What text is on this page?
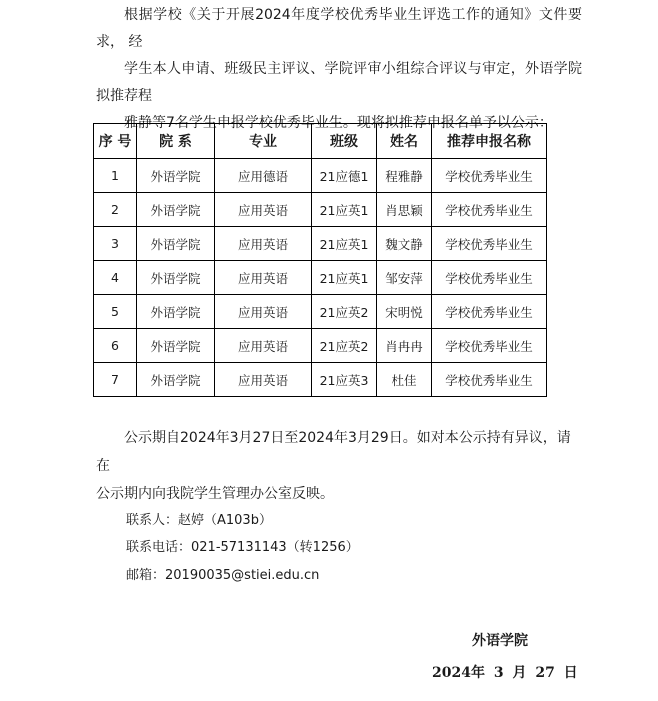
根据学校《关于开展2024年度学校优秀毕业生评选工作的通知》文件要求， 经
学生本人申请、班级民主评议、学院评审小组综合评议与审定，外语学院拟推荐程
雅静等7名学生申报学校优秀毕业生。现将拟推荐申报名单予以公示：

序 号	院 系	专业	班级	姓名	推荐申报名称
1	外语学院	应用德语	21应德1	程雅静	学校优秀毕业生
2	外语学院	应用英语	21应英1	肖思颖	学校优秀毕业生
3	外语学院	应用英语	21应英1	魏文静	学校优秀毕业生
4	外语学院	应用英语	21应英1	邹安萍	学校优秀毕业生
5	外语学院	应用英语	21应英2	宋明悦	学校优秀毕业生
6	外语学院	应用英语	21应英2	肖冉冉	学校优秀毕业生
7	外语学院	应用英语	21应英3	杜佳	学校优秀毕业生

公示期自2024年3月27日至2024年3月29日。如对本公示持有异议，请在
公示期内向我院学生管理办公室反映。

联系人：赵婷（A103b）

联系电话：021-57131143（转1256）

邮箱：20190035@stiei.edu.cn

外语学院

2024年 3 月 27 日
